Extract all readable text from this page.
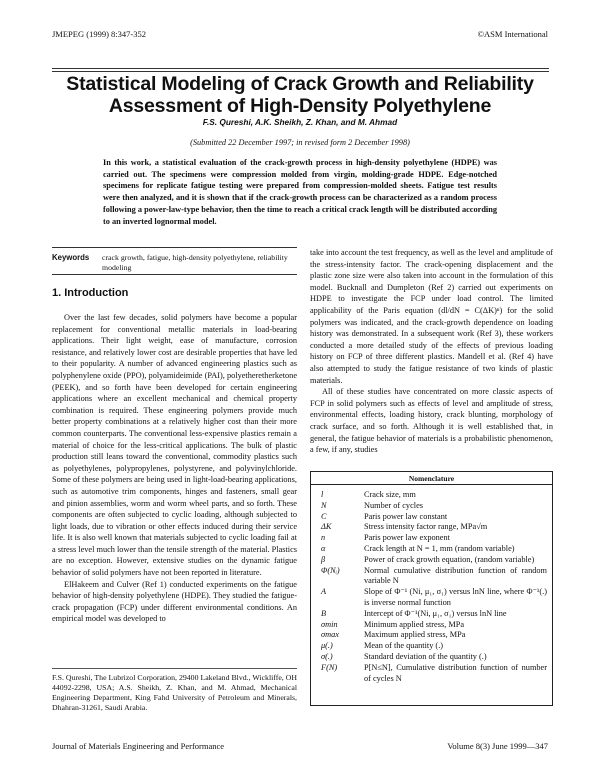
JMEPEG (1999) 8:347-352	©ASM International
Statistical Modeling of Crack Growth and Reliability Assessment of High-Density Polyethylene
F.S. Qureshi, A.K. Sheikh, Z. Khan, and M. Ahmad
(Submitted 22 December 1997; in revised form 2 December 1998)
In this work, a statistical evaluation of the crack-growth process in high-density polyethylene (HDPE) was carried out. The specimens were compression molded from virgin, molding-grade HDPE. Edge-notched specimens for replicate fatigue testing were prepared from compression-molded sheets. Fatigue test results were then analyzed, and it is shown that if the crack-growth process can be characterized as a random process following a power-law-type behavior, then the time to reach a critical crack length will be distributed according to an inverted lognormal model.
Keywords	crack growth, fatigue, high-density polyethylene, reliability modeling
1. Introduction

Over the last few decades, solid polymers have become a popular replacement for conventional metallic materials in load-bearing applications. Their light weight, ease of manufacture, corrosion resistance, and relatively lower cost are desirable properties that have led to their popularity. A number of advanced engineering plastics such as polyphenylene oxide (PPO), polyamideimide (PAI), polyetheretherketone (PEEK), and so forth have been developed for certain engineering applications where an excellent mechanical and chemical property combination is required. These engineering polymers provide much better property combinations at a relatively higher cost than their more common counterparts. The conventional less-expensive plastics remain a material of choice for the less-critical applications. The bulk of plastic production still leans toward the conventional, commodity plastics such as polyethylenes, polypropylenes, polystyrene, and polyvinylchloride. Some of these polymers are being used in light-load-bearing applications, such as automotive trim components, hinges and fasteners, small gear and pinion assemblies, worm and worm wheel parts, and so forth. These components are often subjected to cyclic loading, although subjected to light loads, due to vibration or other effects induced during their service life. It is also well known that materials subjected to cyclic loading fail at a stress level much lower than the tensile strength of the material. Plastics are no exception. However, extensive studies on the dynamic fatigue behavior of solid polymers have not been reported in literature.

ElHakeem and Culver (Ref 1) conducted experiments on the fatigue behavior of high-density polyethylene (HDPE). They studied the fatigue-crack propagation (FCP) under different environmental conditions. An empirical model was developed to

take into account the test frequency, as well as the level and amplitude of the stress-intensity factor. The crack-opening displacement and the plastic zone size were also taken into account in the formulation of this model. Bucknall and Dumpleton (Ref 2) carried out experiments on HDPE to investigate the FCP under load control. The limited applicability of the Paris equation (dl/dN = C(ΔK)ⁿ) for the solid polymers was indicated, and the crack-growth dependence on loading history was demonstrated. In a subsequent work (Ref 3), these workers conducted a more detailed study of the effects of previous loading history on FCP of three different plastics. Mandell et al. (Ref 4) have also attempted to study the fatigue resistance of two kinds of plastic materials.

All of these studies have concentrated on more classic aspects of FCP in solid polymers such as effects of level and amplitude of stress, environmental effects, loading history, crack blunting, morphology of crack surface, and so forth. Although it is well established that, in general, the fatigue behavior of materials is a probabilistic phenomenon, a few, if any, studies

Nomenclature
l	Crack size, mm
N	Number of cycles
C	Paris power law constant
ΔK	Stress intensity factor range, MPa√m
n	Paris power law exponent
α	Crack length at N = 1, mm (random variable)
β	Power of crack growth equation, (random variable)
Φ(Nᵢ)	Normal cumulative distribution function of random variable N
A	Slope of Φ⁻¹ (Ni, μ₁, σ₁) versus lnN line, where Φ⁻¹(.) is inverse normal function
B	Intercept of Φ⁻¹(Ni, μ₁, σ₁) versus lnN line
σmin	Minimum applied stress, MPa
σmax	Maximum applied stress, MPa
μ(.)	Mean of the quantity (.)
σ(.)	Standard deviation of the quantity (.)
F(N)	P[N≤N], Cumulative distribution function of number of cycles N
F.S. Qureshi, The Lubrizol Corporation, 29400 Lakeland Blvd., Wickliffe, OH 44092-2298, USA; A.S. Sheikh, Z. Khan, and M. Ahmad, Mechanical Engineering Department, King Fahd University of Petroleum and Minerals, Dhahran-31261, Saudi Arabia.
Journal of Materials Engineering and Performance	Volume 8(3) June 1999—347
